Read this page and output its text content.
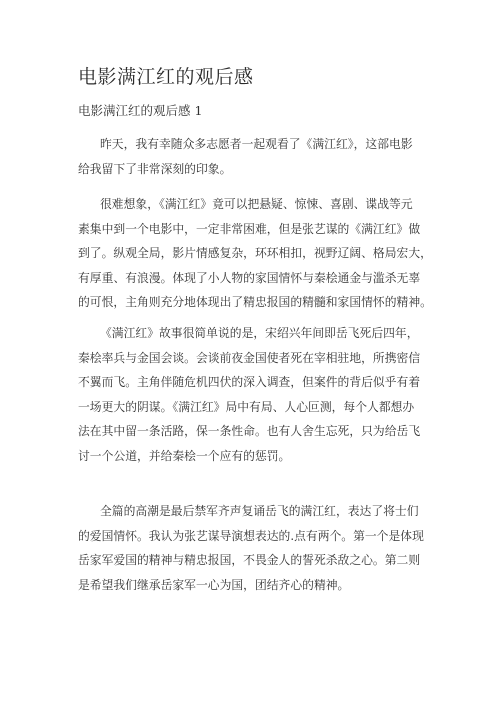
电影满江红的观后感
电影满江红的观后感 1

昨天，我有幸随众多志愿者一起观看了《满江红》，这部电影
给我留下了非常深刻的印象。

很难想象，《满江红》竟可以把悬疑、惊悚、喜剧、谍战等元
素集中到一个电影中，一定非常困难，但是张艺谋的《满江红》做
到了。纵观全局，影片情感复杂，环环相扣，视野辽阔、格局宏大，
有厚重、有浪漫。体现了小人物的家国情怀与秦桧通金与滥杀无辜
的可恨，主角则充分地体现出了精忠报国的精髓和家国情怀的精神。

《满江红》故事很简单说的是，宋绍兴年间即岳飞死后四年，
秦桧率兵与金国会谈。会谈前夜金国使者死在宰相驻地，所携密信
不翼而飞。主角伴随危机四伏的深入调查，但案件的背后似乎有着
一场更大的阴谋。《满江红》局中有局、人心叵测，每个人都想办
法在其中留一条活路，保一条性命。也有人舍生忘死，只为给岳飞
讨一个公道，并给秦桧一个应有的惩罚。

全篇的高潮是最后禁军齐声复诵岳飞的满江红，表达了将士们
的爱国情怀。我认为张艺谋导演想表达的.点有两个。第一个是体现
岳家军爱国的精神与精忠报国，不畏金人的誓死杀敌之心。第二则
是希望我们继承岳家军一心为国，团结齐心的精神。
